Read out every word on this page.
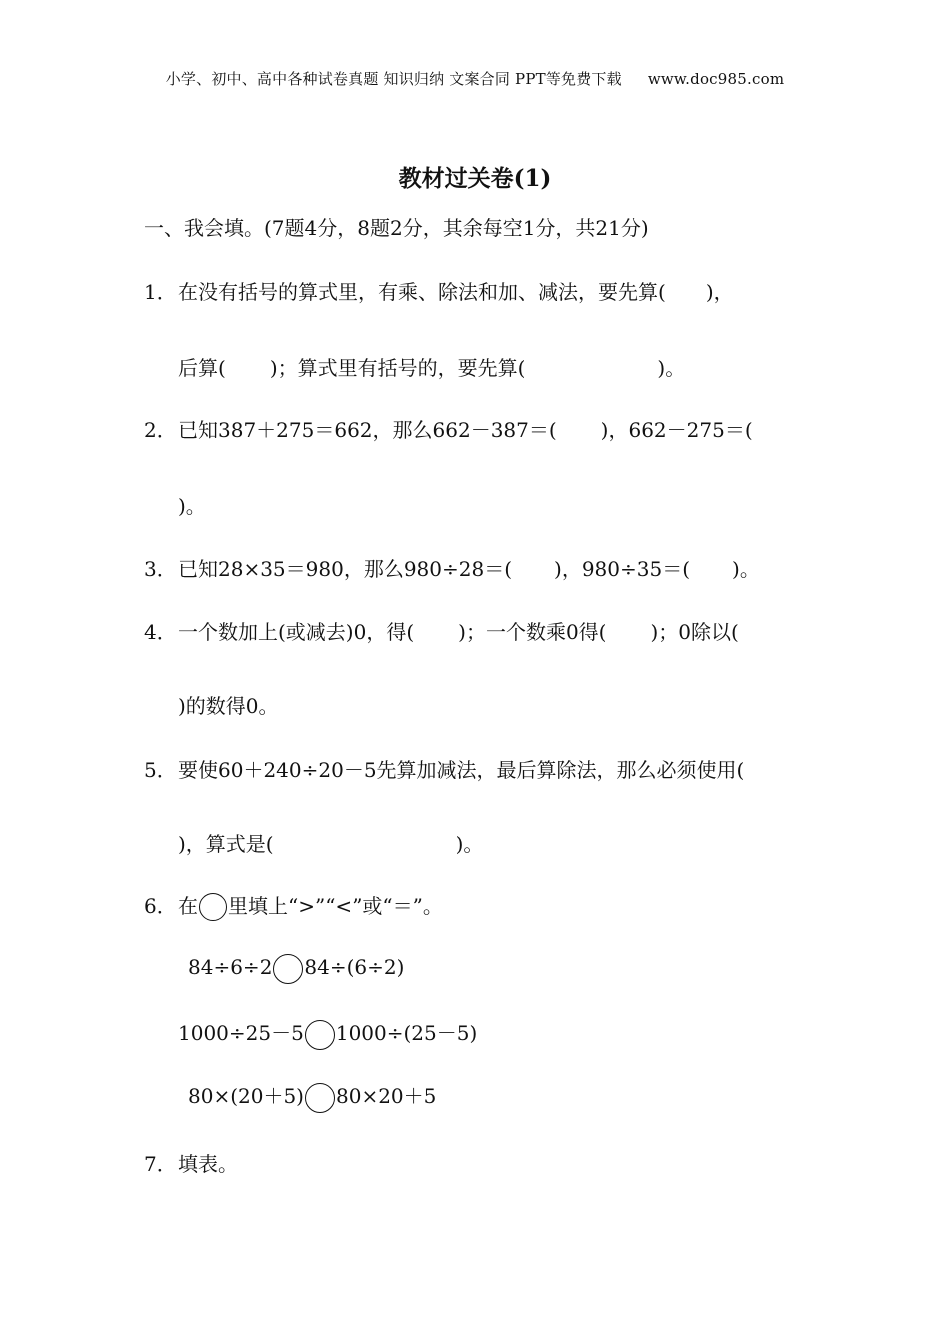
小学、初中、高中各种试卷真题 知识归纳 文案合同 PPT等免费下载 www.doc985.com
教材过关卷(1)
一、我会填。(7题4分，8题2分，其余每空1分，共21分)
1．在没有括号的算式里，有乘、除法和加、减法，要先算( )，
后算( )；算式里有括号的，要先算(	)。
2．已知387＋275＝662，那么662－387＝( )，662－275＝(
)。
3．已知28×35＝980，那么980÷28＝( )，980÷35＝( )。
4．一个数加上(或减去)0，得( )；一个数乘0得( )；0除以(
)的数得0。
5．要使60＋240÷20－5先算加减法，最后算除法，那么必须使用(
)，算式是(	)。
6．在 里填上“>”“<”或“＝”。
84÷6÷2 84÷(6÷2)
1000÷25－5 1000÷(25－5)
80×(20＋5) 80×20＋5
7．填表。
